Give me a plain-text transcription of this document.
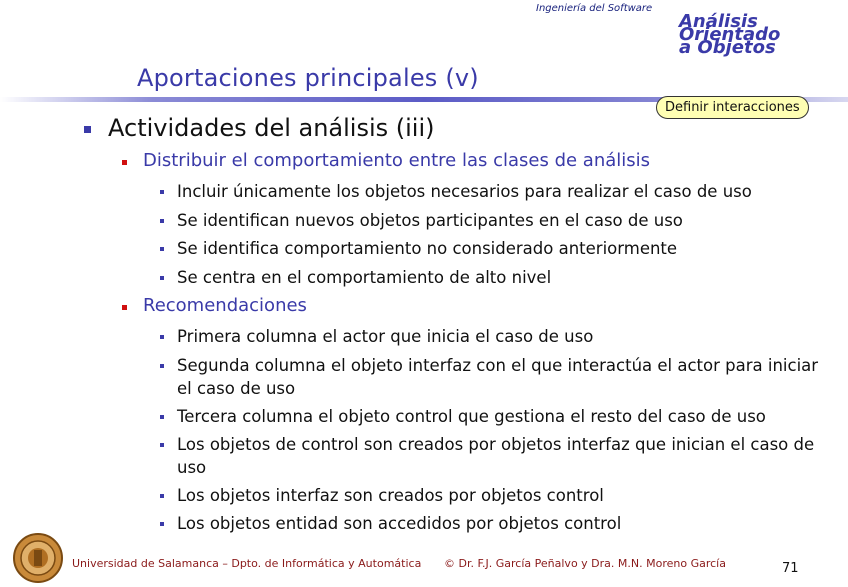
Ingeniería del Software
Análisis Orientado a Objetos
Aportaciones principales (v)
Definir interacciones
Actividades del análisis (iii)
Distribuir el comportamiento entre las clases de análisis
Incluir únicamente los objetos necesarios para realizar el caso de uso
Se identifican nuevos objetos participantes en el caso de uso
Se identifica comportamiento no considerado anteriormente
Se centra en el comportamiento de alto nivel
Recomendaciones
Primera columna el actor que inicia el caso de uso
Segunda columna el objeto interfaz con el que interactúa el actor para iniciar el caso de uso
Tercera columna el objeto control que gestiona el resto del caso de uso
Los objetos de control son creados por objetos interfaz que inician el caso de uso
Los objetos interfaz son creados por objetos control
Los objetos entidad son accedidos por objetos control
Universidad de Salamanca – Dpto. de Informática y Automática © Dr. F.J. García Peñalvo y Dra. M.N. Moreno García	71
